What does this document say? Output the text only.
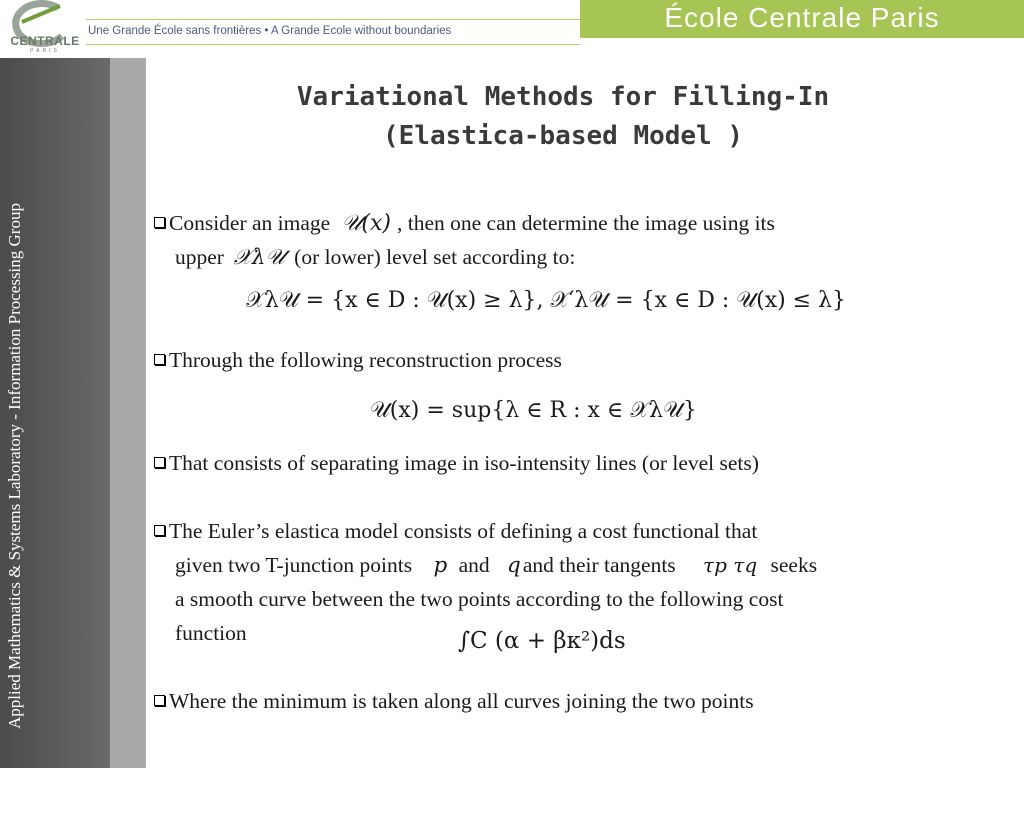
CENTRALE
PARIS
Une Grande École sans frontières • A Grande Ecole without boundaries	École Centrale Paris
Applied Mathematics & Systems Laboratory - Information Processing Group
Variational Methods for Filling-In
(Elastica-based Model )
Consider an image 𝒰(x) , then one can determine the image using its
upper 𝒳λ𝒰 (or lower) level set according to:
𝒳λ𝒰 = {x ∈ D : 𝒰(x) ≥ λ}, 𝒳′λ𝒰 = {x ∈ D : 𝒰(x) ≤ λ}
Through the following reconstruction process
𝒰(x) = sup{λ ∈ R : x ∈ 𝒳λ𝒰}
That consists of separating image in iso-intensity lines (or level sets)
The Euler’s elastica model consists of defining a cost functional that
given two T-junction points p and qand their tangents τp τq seeks
a smooth curve between the two points according to the following cost
function	∫C (α + βκ²)ds
Where the minimum is taken along all curves joining the two points
